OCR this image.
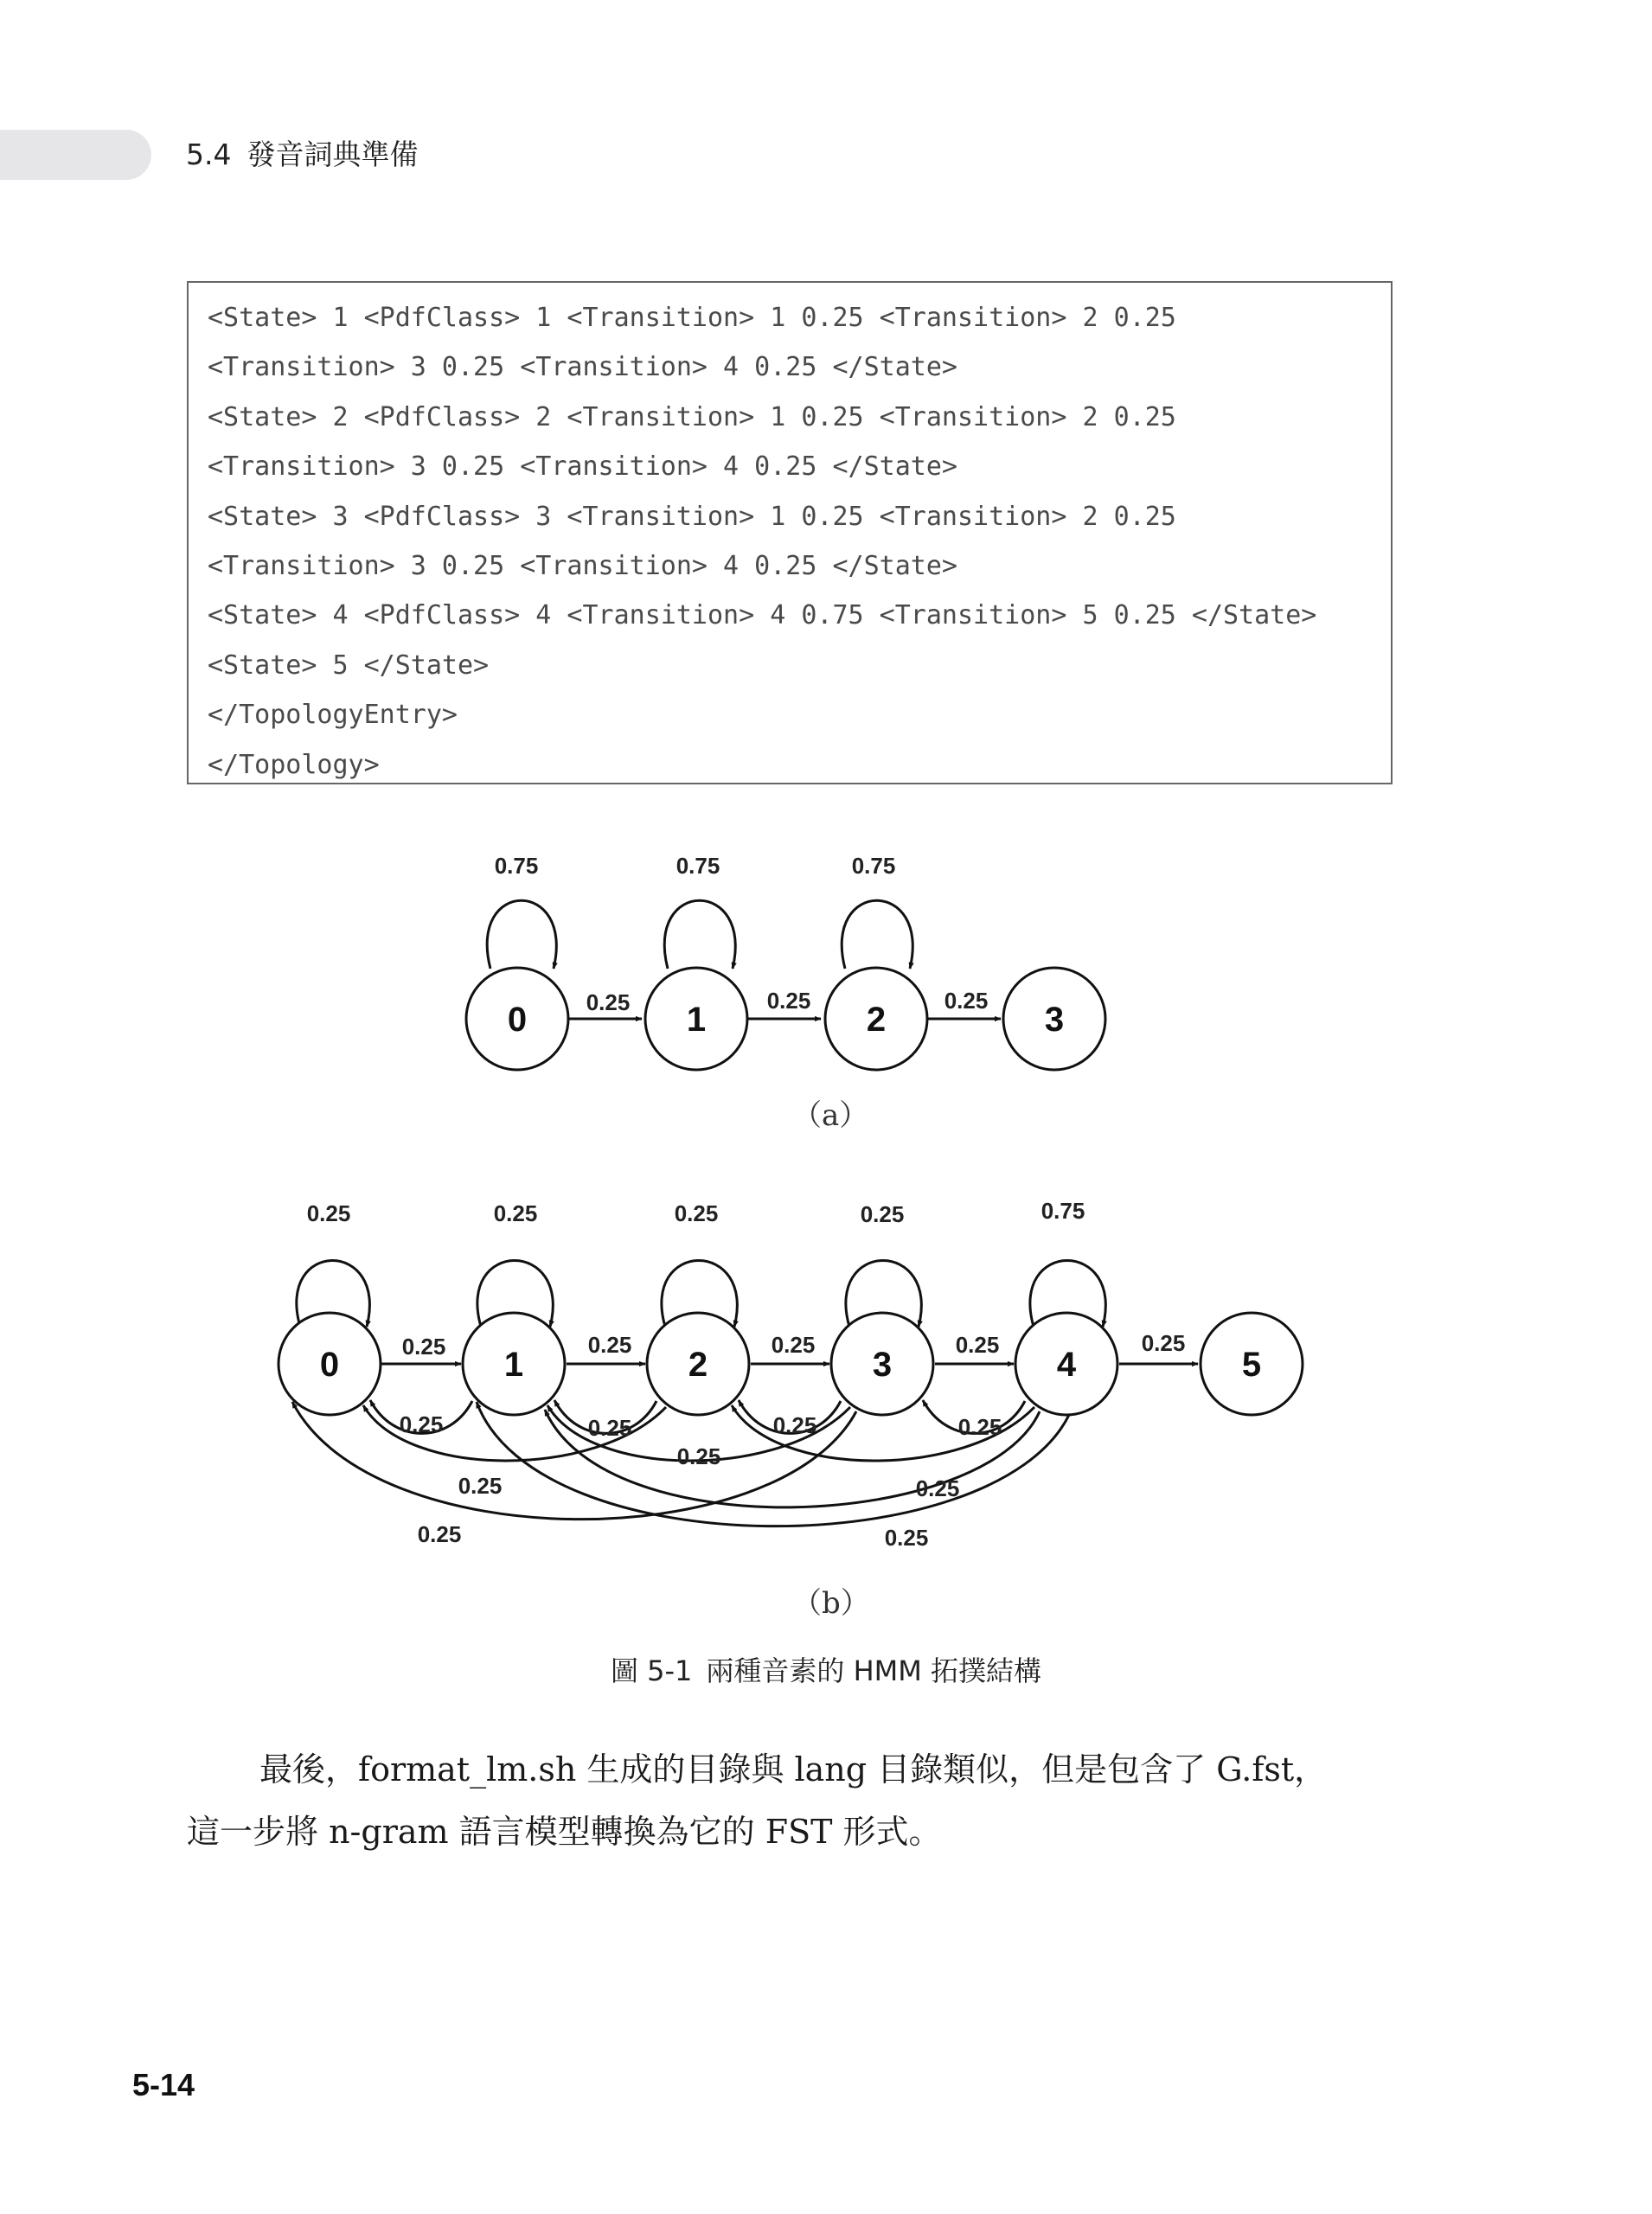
5.4 發音詞典準備
<State> 1 <PdfClass> 1 <Transition> 1 0.25 <Transition> 2 0.25
<Transition> 3 0.25 <Transition> 4 0.25 </State>
<State> 2 <PdfClass> 2 <Transition> 1 0.25 <Transition> 2 0.25
<Transition> 3 0.25 <Transition> 4 0.25 </State>
<State> 3 <PdfClass> 3 <Transition> 1 0.25 <Transition> 2 0.25
<Transition> 3 0.25 <Transition> 4 0.25 </State>
<State> 4 <PdfClass> 4 <Transition> 4 0.75 <Transition> 5 0.25 </State>
<State> 5 </State>
</TopologyEntry>
</Topology>
0	1	2	3
0.75	0.75	0.75
0.25	0.25	0.25
（a）
0	1	2	3	4	5
0.25	0.25	0.25	0.25	0.75
0.25	0.25	0.25	0.25	0.25
0.25	0.25	0.25	0.25
0.25
0.25
0.25
0.25
0.25
（b）
圖 5-1 兩種音素的 HMM 拓撲結構

最後，format_lm.sh 生成的目錄與 lang 目錄類似，但是包含了 G.fst，

這一步將 n-gram 語言模型轉換為它的 FST 形式。

5-14
